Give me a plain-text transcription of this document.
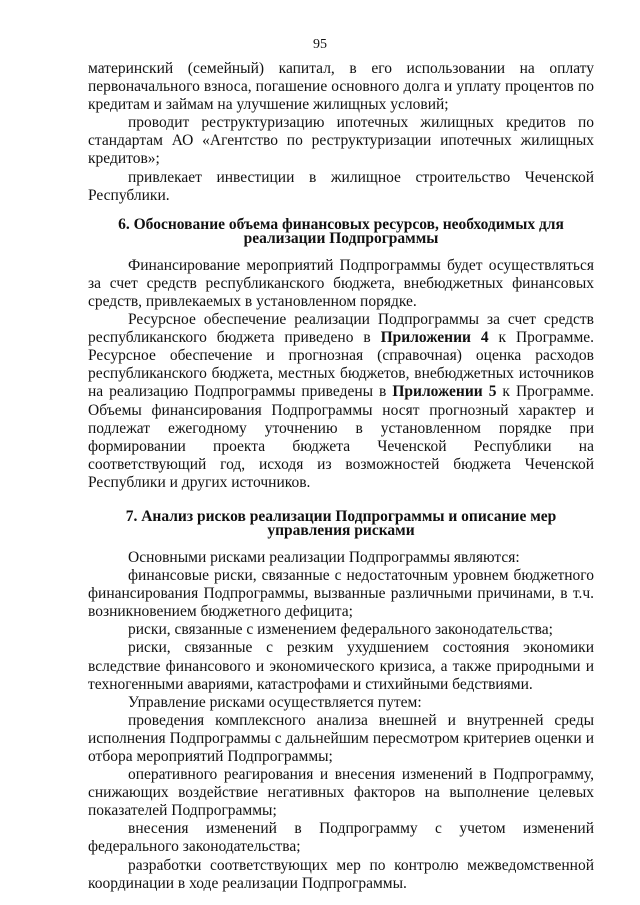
95

материнский (семейный) капитал, в его использовании на оплату первоначального взноса, погашение основного долга и уплату процентов по кредитам и займам на улучшение жилищных условий;

проводит реструктуризацию ипотечных жилищных кредитов по стандартам АО «Агентство по реструктуризации ипотечных жилищных кредитов»;

привлекает инвестиции в жилищное строительство Чеченской Республики.

6. Обоснование объема финансовых ресурсов, необходимых для
реализации Подпрограммы

Финансирование мероприятий Подпрограммы будет осуществляться за счет средств республиканского бюджета, внебюджетных финансовых средств, привлекаемых в установленном порядке.

Ресурсное обеспечение реализации Подпрограммы за счет средств республиканского бюджета приведено в Приложении 4 к Программе. Ресурсное обеспечение и прогнозная (справочная) оценка расходов республиканского бюджета, местных бюджетов, внебюджетных источников на реализацию Подпрограммы приведены в Приложении 5 к Программе. Объемы финансирования Подпрограммы носят прогнозный характер и подлежат ежегодному уточнению в установленном порядке при формировании проекта бюджета Чеченской Республики на соответствующий год, исходя из возможностей бюджета Чеченской Республики и других источников.

7. Анализ рисков реализации Подпрограммы и описание мер
управления рисками

Основными рисками реализации Подпрограммы являются:

финансовые риски, связанные с недостаточным уровнем бюджетного финансирования Подпрограммы, вызванные различными причинами, в т.ч. возникновением бюджетного дефицита;

риски, связанные с изменением федерального законодательства;

риски, связанные с резким ухудшением состояния экономики вследствие финансового и экономического кризиса, а также природными и техногенными авариями, катастрофами и стихийными бедствиями.

Управление рисками осуществляется путем:

проведения комплексного анализа внешней и внутренней среды исполнения Подпрограммы с дальнейшим пересмотром критериев оценки и отбора мероприятий Подпрограммы;

оперативного реагирования и внесения изменений в Подпрограмму, снижающих воздействие негативных факторов на выполнение целевых показателей Подпрограммы;

внесения изменений в Подпрограмму с учетом изменений федерального законодательства;

разработки соответствующих мер по контролю межведомственной координации в ходе реализации Подпрограммы.
